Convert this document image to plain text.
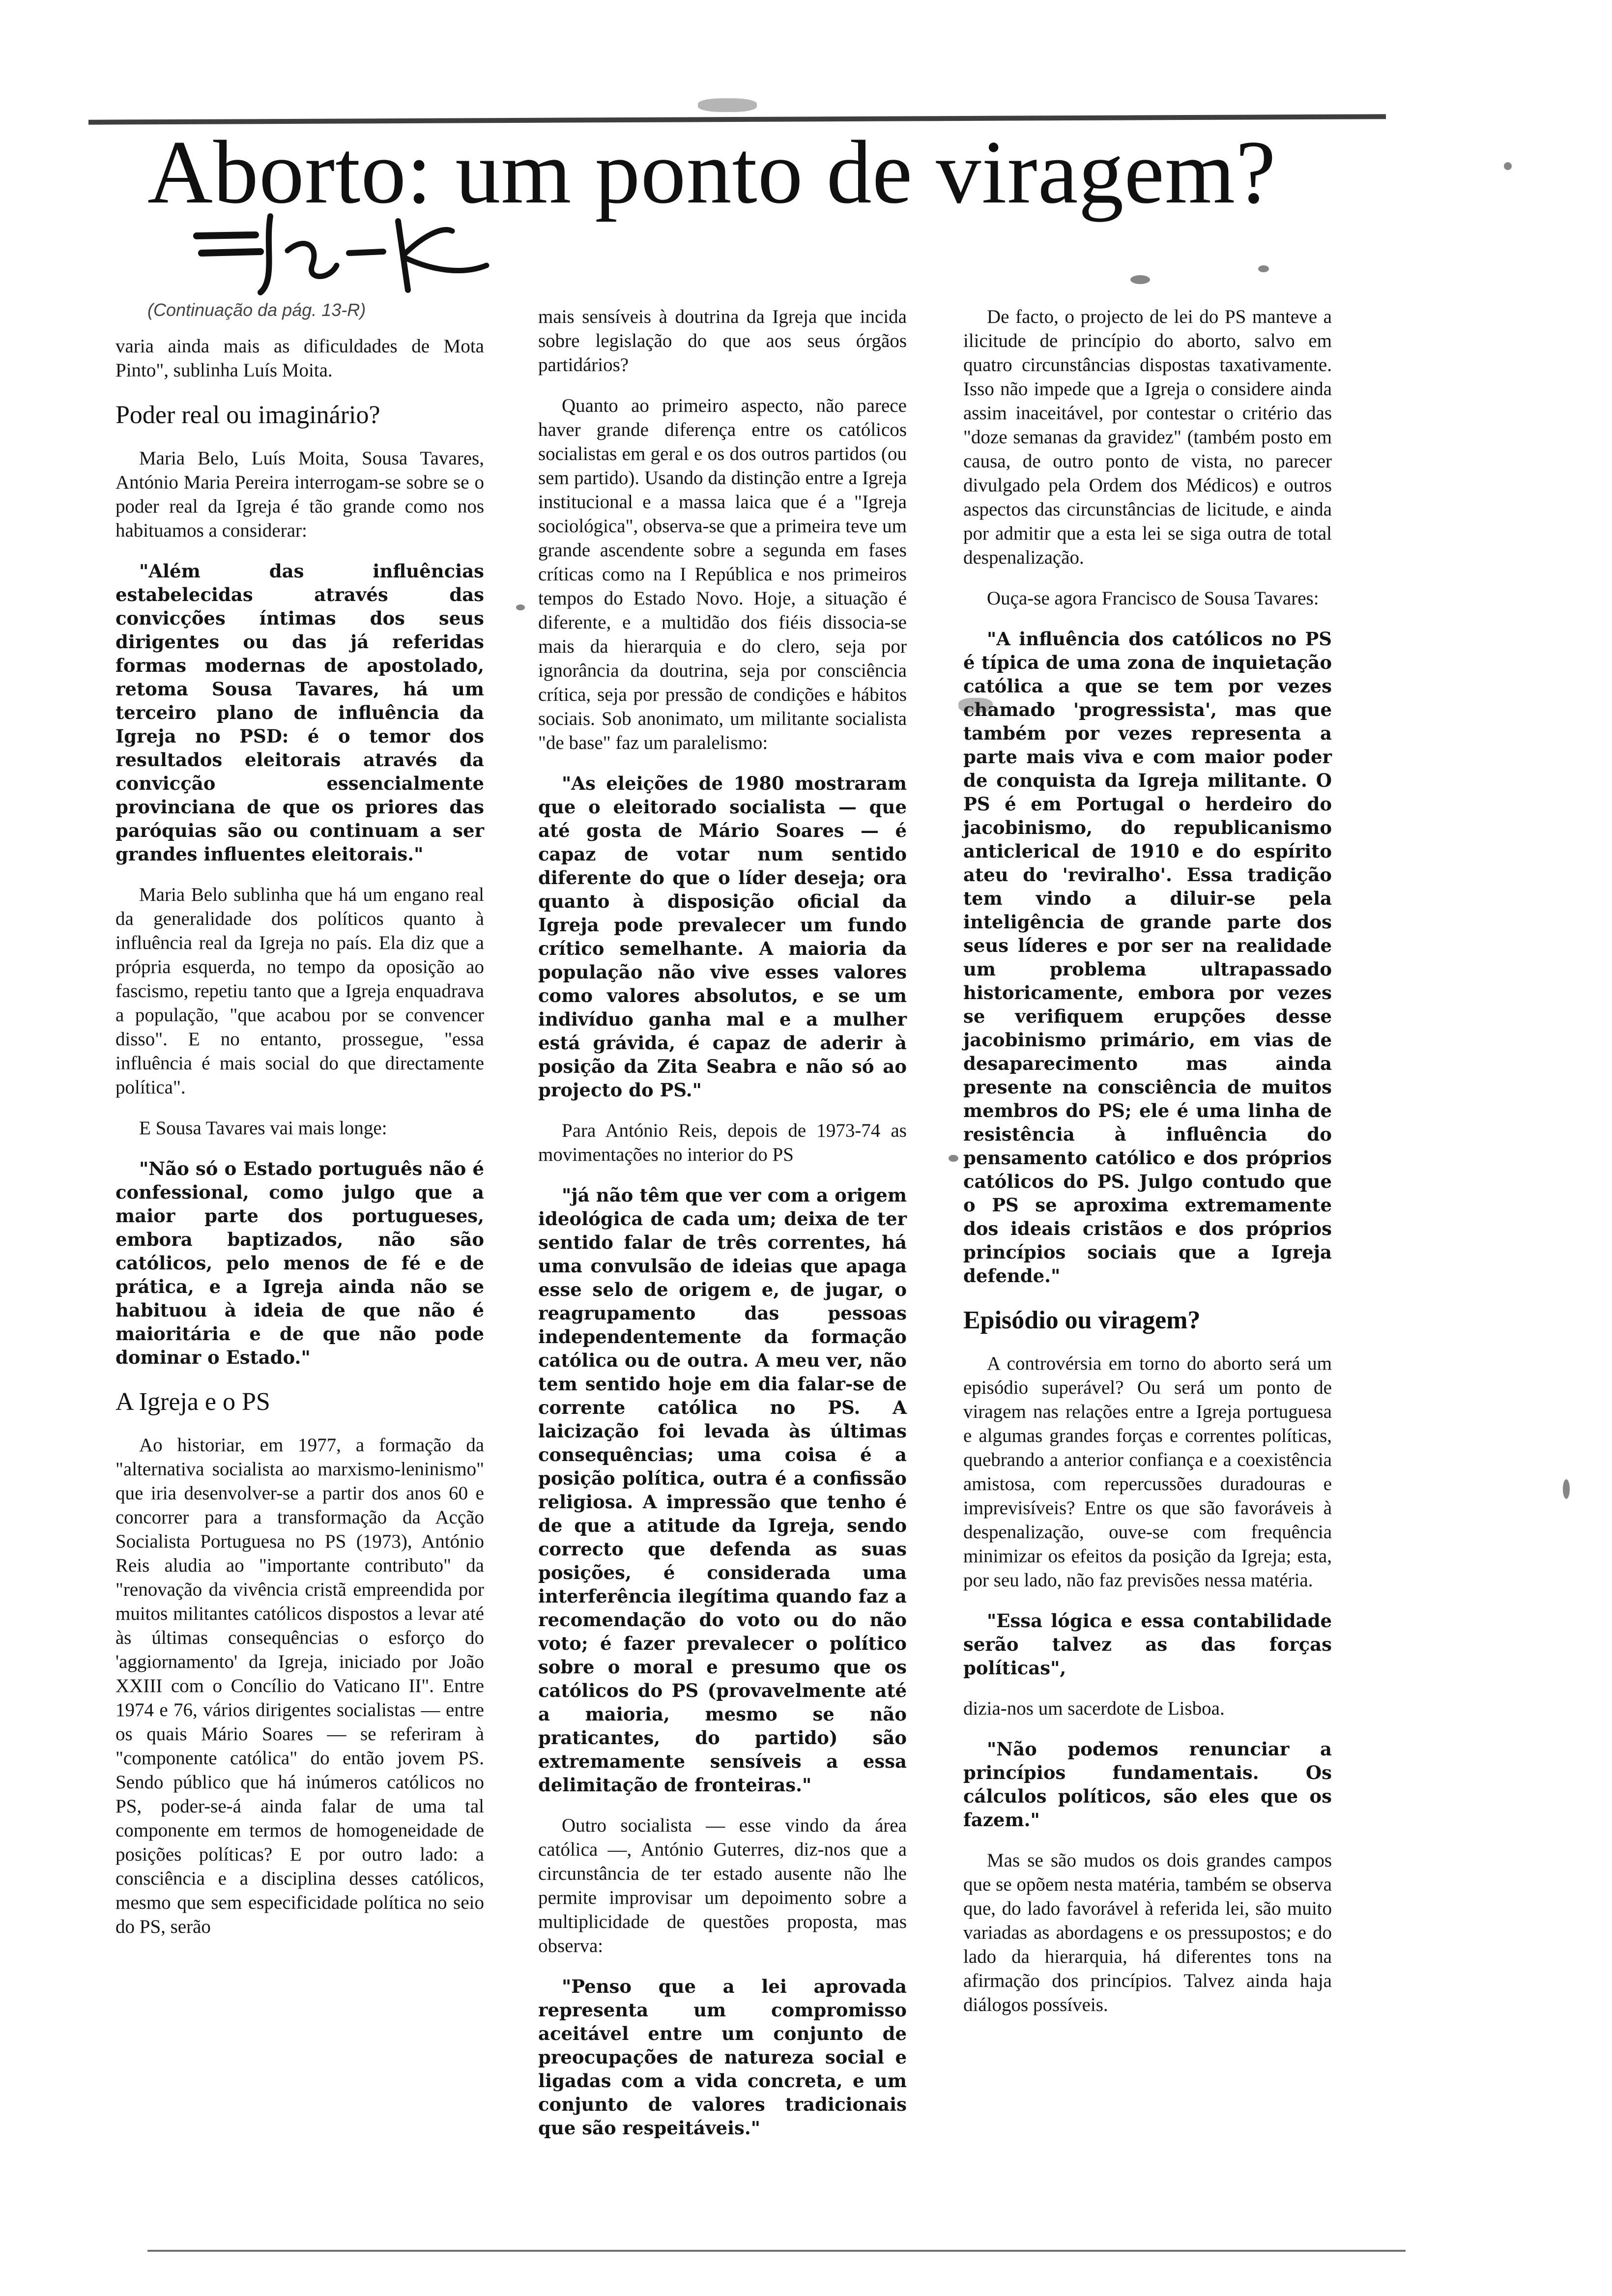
Aborto: um ponto de viragem?
(Continuação da pág. 13-R)

varia ainda mais as dificuldades de Mota Pinto", sublinha Luís Moita.

Poder real ou imaginário?

Maria Belo, Luís Moita, Sousa Tavares, António Maria Pereira interrogam-se sobre se o poder real da Igreja é tão grande como nos habituamos a considerar:

"Além das influências estabelecidas através das convicções íntimas dos seus dirigentes ou das já referidas formas modernas de apostolado, retoma Sousa Tavares, há um terceiro plano de influência da Igreja no PSD: é o temor dos resultados eleitorais através da convicção essencialmente provinciana de que os priores das paróquias são ou continuam a ser grandes influentes eleitorais."

Maria Belo sublinha que há um engano real da generalidade dos políticos quanto à influência real da Igreja no país. Ela diz que a própria esquerda, no tempo da oposição ao fascismo, repetiu tanto que a Igreja enquadrava a população, "que acabou por se convencer disso". E no entanto, prossegue, "essa influência é mais social do que directamente política".

E Sousa Tavares vai mais longe:

"Não só o Estado português não é confessional, como julgo que a maior parte dos portugueses, embora baptizados, não são católicos, pelo menos de fé e de prática, e a Igreja ainda não se habituou à ideia de que não é maioritária e de que não pode dominar o Estado."

A Igreja e o PS

Ao historiar, em 1977, a formação da "alternativa socialista ao marxismo-leninismo" que iria desenvolver-se a partir dos anos 60 e concorrer para a transformação da Acção Socialista Portuguesa no PS (1973), António Reis aludia ao "importante contributo" da "renovação da vivência cristã empreendida por muitos militantes católicos dispostos a levar até às últimas consequências o esforço do 'aggiornamento' da Igreja, iniciado por João XXIII com o Concílio do Vaticano II". Entre 1974 e 76, vários dirigentes socialistas — entre os quais Mário Soares — se referiram à "componente católica" do então jovem PS. Sendo público que há inúmeros católicos no PS, poder-se-á ainda falar de uma tal componente em termos de homogeneidade de posições políticas? E por outro lado: a consciência e a disciplina desses católicos, mesmo que sem especificidade política no seio do PS, serão

mais sensíveis à doutrina da Igreja que incida sobre legislação do que aos seus órgãos partidários?

Quanto ao primeiro aspecto, não parece haver grande diferença entre os católicos socialistas em geral e os dos outros partidos (ou sem partido). Usando da distinção entre a Igreja institucional e a massa laica que é a "Igreja sociológica", observa-se que a primeira teve um grande ascendente sobre a segunda em fases críticas como na I República e nos primeiros tempos do Estado Novo. Hoje, a situação é diferente, e a multidão dos fiéis dissocia-se mais da hierarquia e do clero, seja por ignorância da doutrina, seja por consciência crítica, seja por pressão de condições e hábitos sociais. Sob anonimato, um militante socialista "de base" faz um paralelismo:

"As eleições de 1980 mostraram que o eleitorado socialista — que até gosta de Mário Soares — é capaz de votar num sentido diferente do que o líder deseja; ora quanto à disposição oficial da Igreja pode prevalecer um fundo crítico semelhante. A maioria da população não vive esses valores como valores absolutos, e se um indivíduo ganha mal e a mulher está grávida, é capaz de aderir à posição da Zita Seabra e não só ao projecto do PS."

Para António Reis, depois de 1973-74 as movimentações no interior do PS

"já não têm que ver com a origem ideológica de cada um; deixa de ter sentido falar de três correntes, há uma convulsão de ideias que apaga esse selo de origem e, de jugar, o reagrupamento das pessoas independentemente da formação católica ou de outra. A meu ver, não tem sentido hoje em dia falar-se de corrente católica no PS. A laicização foi levada às últimas consequências; uma coisa é a posição política, outra é a confissão religiosa. A impressão que tenho é de que a atitude da Igreja, sendo correcto que defenda as suas posições, é considerada uma interferência ilegítima quando faz a recomendação do voto ou do não voto; é fazer prevalecer o político sobre o moral e presumo que os católicos do PS (provavelmente até a maioria, mesmo se não praticantes, do partido) são extremamente sensíveis a essa delimitação de fronteiras."

Outro socialista — esse vindo da área católica —, António Guterres, diz-nos que a circunstância de ter estado ausente não lhe permite improvisar um depoimento sobre a multiplicidade de questões proposta, mas observa:

"Penso que a lei aprovada representa um compromisso aceitável entre um conjunto de preocupações de natureza social e ligadas com a vida concreta, e um conjunto de valores tradicionais que são respeitáveis."

De facto, o projecto de lei do PS manteve a ilicitude de princípio do aborto, salvo em quatro circunstâncias dispostas taxativamente. Isso não impede que a Igreja o considere ainda assim inaceitável, por contestar o critério das "doze semanas da gravidez" (também posto em causa, de outro ponto de vista, no parecer divulgado pela Ordem dos Médicos) e outros aspectos das circunstâncias de licitude, e ainda por admitir que a esta lei se siga outra de total despenalização.

Ouça-se agora Francisco de Sousa Tavares:

"A influência dos católicos no PS é típica de uma zona de inquietação católica a que se tem por vezes chamado 'progressista', mas que também por vezes representa a parte mais viva e com maior poder de conquista da Igreja militante. O PS é em Portugal o herdeiro do jacobinismo, do republicanismo anticlerical de 1910 e do espírito ateu do 'reviralho'. Essa tradição tem vindo a diluir-se pela inteligência de grande parte dos seus líderes e por ser na realidade um problema ultrapassado historicamente, embora por vezes se verifiquem erupções desse jacobinismo primário, em vias de desaparecimento mas ainda presente na consciência de muitos membros do PS; ele é uma linha de resistência à influência do pensamento católico e dos próprios católicos do PS. Julgo contudo que o PS se aproxima extremamente dos ideais cristãos e dos próprios princípios sociais que a Igreja defende."

Episódio ou viragem?

A controvérsia em torno do aborto será um episódio superável? Ou será um ponto de viragem nas relações entre a Igreja portuguesa e algumas grandes forças e correntes políticas, quebrando a anterior confiança e a coexistência amistosa, com repercussões duradouras e imprevisíveis? Entre os que são favoráveis à despenalização, ouve-se com frequência minimizar os efeitos da posição da Igreja; esta, por seu lado, não faz previsões nessa matéria.

"Essa lógica e essa contabilidade serão talvez as das forças políticas",

dizia-nos um sacerdote de Lisboa.

"Não podemos renunciar a princípios fundamentais. Os cálculos políticos, são eles que os fazem."

Mas se são mudos os dois grandes campos que se opõem nesta matéria, também se observa que, do lado favorável à referida lei, são muito variadas as abordagens e os pressupostos; e do lado da hierarquia, há diferentes tons na afirmação dos princípios. Talvez ainda haja diálogos possíveis.
